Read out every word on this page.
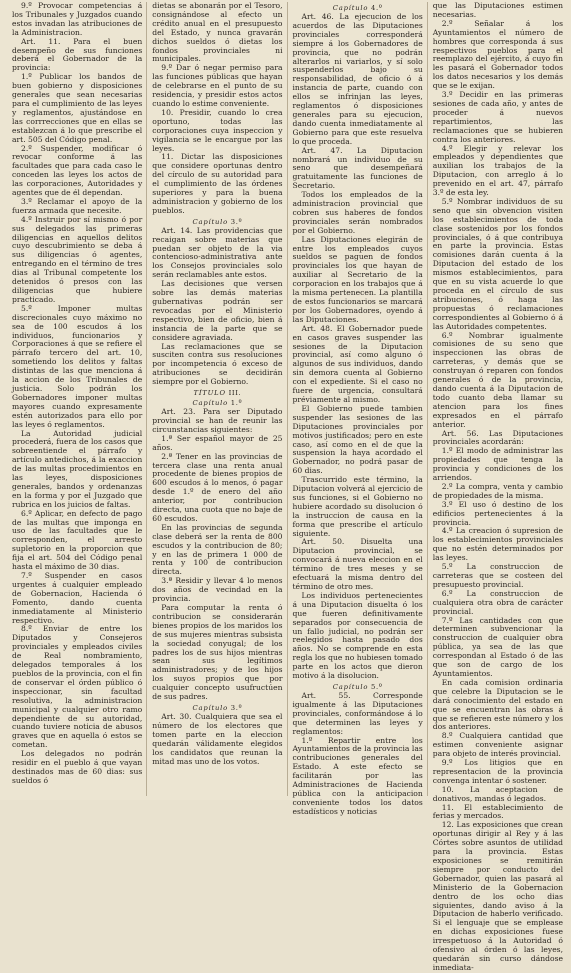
9.º Provocar competencias á los Tribunales y Juzgados cuando estos invadan las atribuciones de la Administracion.

Art. 11. Para el buen desempeño de sus funciones deberá el Gobernador de la provincia:

1.º Publicar los bandos de buen gobierno y disposiciones generales que sean necesarias para el cumplimiento de las leyes y reglamentos, ajustándose en las corrrecciones que en ellas se establezcan á lo que prescribe el art. 505 del Código penal.

2.º Suspender, modificar ó revocar conforme á las facultades que para cada caso le conceden las leyes los actos de las corporaciones, Autoridades y agentes que de él dependan.

3.º Reclamar el apoyo de la fuerza armada que necesite.

4.º Instruir por sí mismo ó por sus delegados las primeras diligencias en aquellos delitos cuyo descubrimiento se deba á sus diligencias ó agentes, entregando en el término de tres dias al Tribunal competente los detenidos ó presos con las diligencias que hubiere practicado.

5.º Imponer multas discrecionales cuyo máximo no sea de 100 escudos á los individuos, funcionarios y Corporaciones á que se refiere el párrafo tercero del art. 10, sometiendo los delitos y faltas distintas de las que menciona á la accion de los Tribunales de justicia. Solo podrán los Gobernadores imponer multas mayores cuando expresamente estén autorizados para ello por las leyes ó reglamentos.

La Autoridad judicial procederá, fuera de los casos que sobreentiende el párrafo y artículo antedichos, á la exaccion de las multas procedimientos en las leyes, disposiciones generales, bandos y ordenanzas en la forma y por el Juzgado que rubrica en los juicios de faltas.

6.º Aplicar, en defecto de pago de las multas que imponga en uso de las facultades que le corresponden, el arresto supletorio en la proporcion que fija el art. 504 del Código penal hasta el máximo de 30 dias.

7.º Suspender en casos urgentes á cualquier empleado de Gobernacion, Hacienda ó Fomento, dando cuenta inmediatamente al Ministerio respectivo.

8.º Enviar de entre los Diputados y Consejeros provinciales y empleados civiles de Real nombramiento, delegados temporales á los pueblos de la provincia, con el fin de conservar el órden público ó inspeccionar, sin facultad resolutiva, la administracion municipal y cualquier otro ramo dependiente de su autoridad, cuando tuviere noticia de abusos graves que en aquella ó estos se cometan.

Los delegados no podrán residir en el pueblo á que vayan destinados mas de 60 dias: sus sueldos ó

dietas se abonarán por el Tesoro, consignándose al efecto un crédito anual en el presupuesto del Estado, y nunca gravarán dichos sueldos ó dietas los fondos provinciales ni municipales.

9.º Dar ó negar permiso para las funciones públicas que hayan de celebrarse en el punto de su residencia, y presidir estos actos cuando lo estime conveniente.

10. Presidir, cuando lo crea oportuno, todas las corporaciones cuya inspeccion y vigilancia se le encargue por las leyes.

11. Dictar las disposiciones que considere oportunas dentro del círculo de su autoridad para el cumplimiento de las órdenes superiores y para la buena administracion y gobierno de los pueblos.

Capítulo 3.º

Art. 14. Las providencias que recaigan sobre materias que puedan ser objeto de la via contencioso-administrativa ante los Consejos provinciales solo serán reclamables ante estos.

Las decisiones que versen sobre las demás materias gubernativas podrán ser revocadas por el Ministerio respectivo, bien de oficio, bien á instancia de la parte que se considere agraviada.

Las reclamaciones que se susciten contra sus resoluciones por incompetencia ó exceso de atribuciones se decidirán siempre por el Gobierno.

TÍTULO III.
Capítulo 1.º

Art. 23. Para ser Diputado provincial se han de reunir las circunstancias siguientes:

1.ª Ser español mayor de 25 años.

2.ª Tener en las provincias de tercera clase una renta anual procedente de bienes propios de 600 escudos á lo menos, ó pagar desde 1.º de enero del año anterior, por contribucion directa, una cuota que no baje de 60 escudos.

En las provincias de segunda clase deberá ser la renta de 800 escudos y la contribucion de 80; y en las de primera 1 000 de renta y 100 de contribucion directa.

3.ª Residir y llevar 4 lo menos dos años de vecindad en la provincia.

Para computar la renta ó contribucion se considerarán bienes propios de los maridos los de sus mujeres mientras subsista la sociedad conyugal; de los padres los de sus hijos mientras sean sus legítimos administradores; y de los hijos los suyos propios que por cualquier concepto usufructúen de sus padres.

Capítulo 3.º

Art. 30. Cualquiera que sea el número de los electores que tomen parte en la eleccion quedarán válidamente elegidos los candidatos que reunan la mitad mas uno de los votos.

Capítulo 4.º

Art. 46. La ejecucion de los acuerdos de las Diputaciones provinciales corresponderá siempre á los Gobernadores de provincia, que no podrán alterarlos ni variarlos, y sí solo suspenderlos bajo su responsabilidad, de oficio ó á instancia de parte, cuando con ellos se infrinjan las leyes, reglamentos ó disposiciones generales para su ejecucion, dando cuenta inmediatamente al Gobierno para que este resuelva lo que proceda.

Art. 47. La Diputacion nombrará un individuo de su seno que desempeñará gratuitamente las funciones de Secretario.

Todos los empleados de la administracion provincial que cobren sus haberes de fondos provinciales serán nombrados por el Gobierno.

Las Diputaciones elegirán de entre los empleados cuyos sueldos se paguen de fondos provinciales los que hayan de auxiliar al Secretario de la corporacion en los trabajos que á la misma pertenecen. La plantilla de estos funcionarios se marcará por los Gobernadores, oyendo á las Diputaciones.

Art. 48. El Gobernador puede en casos graves suspender las sesiones de la Diputacion provincial, así como alguno ó algunos de sus individuos, dando sin demora cuenta al Gobierno con el expediente. Si el caso no fuere de urgencia, consultará préviamente al mismo.

El Gobierno puede tambien suspender las sesiones de las Diputaciones provinciales por motivos justificados; pero en este caso, así como en el de que la suspension la haya acordado el Gobernador, no podrá pasar de 60 dias.

Trascurrido este término, la Diputacion volverá al ejercicio de sus funciones, si el Gobierno no hubiere acordado su disolucion ó la instruccion de causa en la forma que prescribe el artículo siguiente.

Art. 50. Disuelta una Diputacion provincial, se convocará á nueva eleccion en el término de tres meses y se efectuará la misma dentro del término de otro mes.

Los individuos pertenecientes á una Diputacion disuelta ó los que fueren definitivamente separados por consecuencia de un fallo judicial, no podrán ser reelegidos hasta pasado dos años. No se comprende en esta regla los que no hubiesen tomado parte en los actos que dieron motivo á la disolucion.

Capítulo 5.º

Art. 55. Corresponde igualmente á las Diputaciones provinciales, conformándose á lo que determinen las leyes y reglamentos:

1.º Repartir entre los Ayuntamientos de la provincia las contribuciones generales del Estado. A este efecto se facilitarán por las Administraciones de Hacienda pública con la anticipacion conveniente todos los datos estadísticos y noticias

que las Diputaciones estimen necesarias.

2.º Señalar á los Ayuntamientos el número de hombres que corresponda á sus respectivos pueblos para el reemplazo del ejército, á cuyo fin les pasará el Gobernador todos los datos necesarios y los demás que se le exijan.

3.º Decidir en las primeras sesiones de cada año, y antes de proceder á nuevos repartimientos, las reclamaciones que se hubieren contra los anteriores.

4.º Elegir y relevar los empleados y dependientes que auxilian los trabajos de la Diputacion, con arreglo á lo prevenido en el art. 47, párrafo 3.º de esta ley.

5.º Nombrar individuos de su seno que sin obvencion visiten los establecimientos de toda clase sostenidos por los fondos provinciales, ó á que contribuya en parte la provincia. Estas comisiones darán cuenta á la Diputacion del estado de los mismos establecimientos, para que en su vista acuerde lo que proceda en el círculo de sus atribuciones, ó haga las propuestas ó reclamaciones correspondientes al Gobierno ó á las Autoridades competentes.

6.º Nombrar igualmente comisiones de su seno que inspeccionen las obras de carreteras, y demás que se construyan ó reparen con fondos generales ó de la provincia, dando cuenta á la Diputacion de todo cuanto deba llamar su atencion para los fines expresados en el párrafo anterior.

Art. 56. Las Diputaciones provinciales acordarán:

1.º El modo de administrar las propiedades que tenga la provincia y condiciones de los arriendos.

2.º La compra, venta y cambio de propiedades de la misma.

3.º El uso ó destino de los edificios pertenecientes á la provincia.

4.º La creacion ó supresion de los establecimientos provinciales que no estén determinados por las leyes.

5.º La construccion de carreteras que se costeen del presupuesto provincial.

6.º La construccion de cualquiera otra obra de carácter provincial.

7.º Las cantidades con que determinen subvencionar la construccion de cualquier obra pública, ya sea de las que correspondan al Estado ó de las que son de cargo de los Ayuntamientos.

En cada comision ordinaria que celebre la Diputacion se le dará conocimiento del estado en que se encuentran las obras á que se refieren este número y los dos anteriores.

8.º Cualquiera cantidad que estimen conveniente asignar para objeto de interés provincial.

9.º Los litigios que en representacion de la provincia convenga intentar ó sostener.

10. La aceptacion de donativos, mandas ó legados.

11. El establecimiento de ferias y mercados.

12. Las exposiciones que crean oportunas dirigir al Rey y á las Córtes sobre asuntos de utilidad para la provincia. Estas exposiciones se remitirán siempre por conducto del Gobernador, quien las pasará al Ministerio de la Gobernacion dentro de los ocho dias siguientes, dando aviso á la Diputacion de haberlo verificado. Si el lenguaje que se emplease en dichas exposiciones fuese irrespetuoso á la Autoridad ó ofensivo al órden ó las leyes, quedarán sin curso dándose inmediata-
